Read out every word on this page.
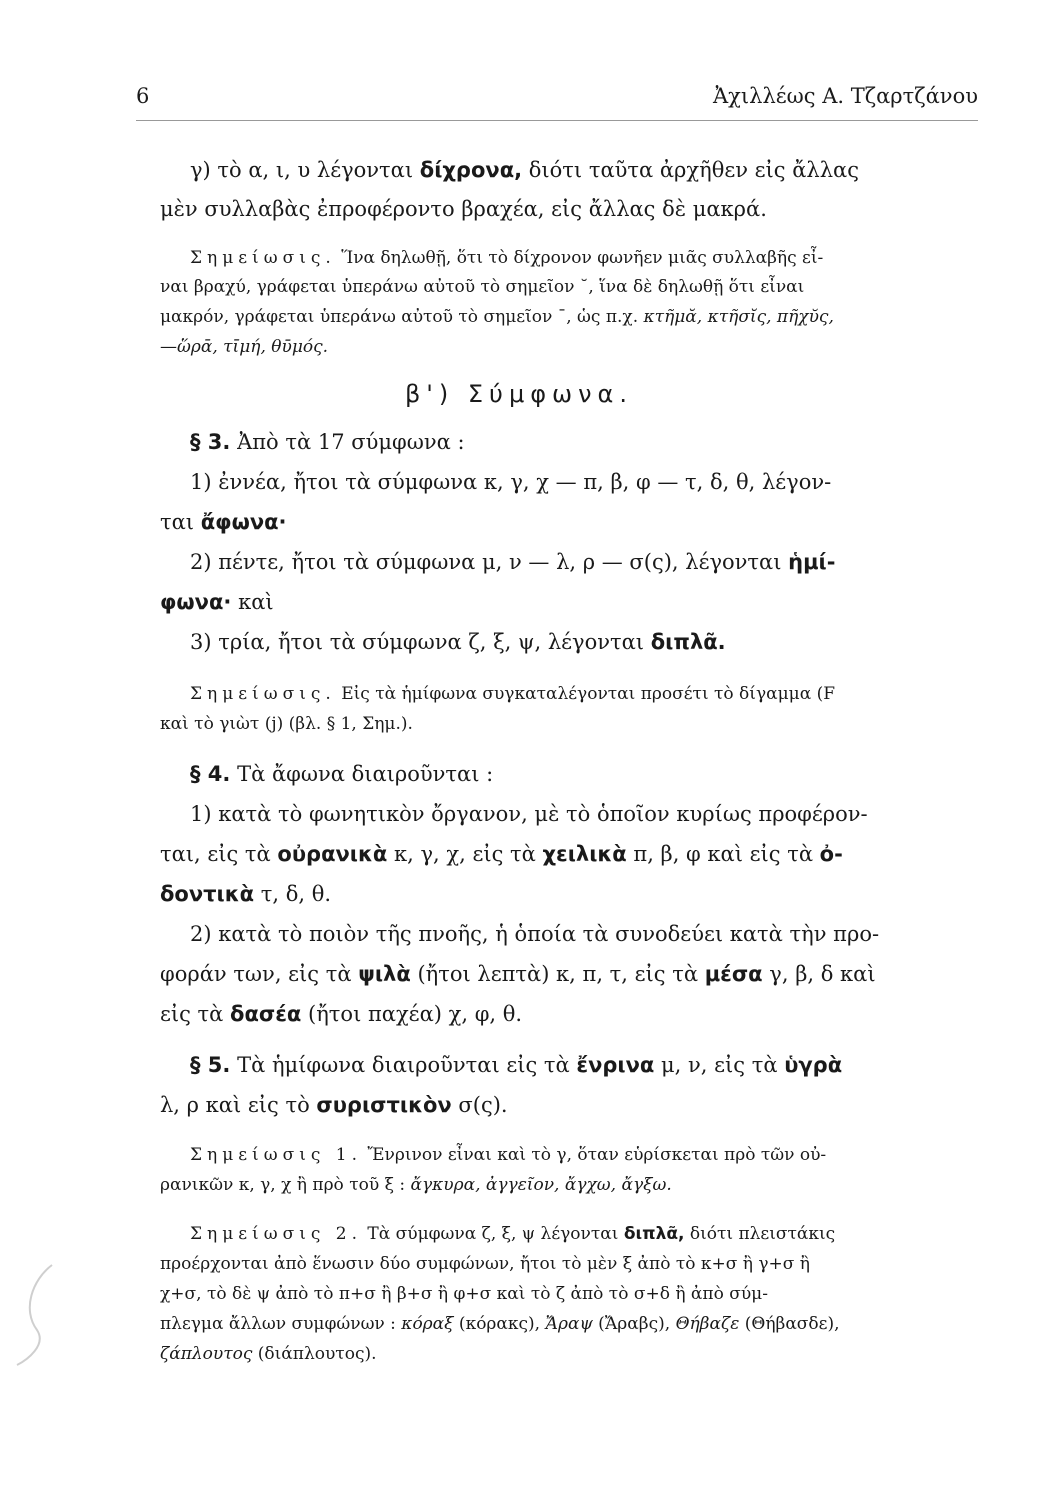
6	Ἀχιλλέως Α. Τζαρτζάνου
γ) τὸ α, ι, υ λέγονται δίχρονα, διότι ταῦτα ἀρχῆθεν εἰς ἄλλας
μὲν συλλαβὰς ἐπροφέροντο βραχέα, εἰς ἄλλας δὲ μακρά.
Σημείωσις. Ἵνα δηλωθῇ, ὅτι τὸ δίχρονον φωνῆεν μιᾶς συλλαβῆς εἶ-
ναι βραχύ, γράφεται ὑπεράνω αὐτοῦ τὸ σημεῖον ˘, ἵνα δὲ δηλωθῇ ὅτι εἶναι
μακρόν, γράφεται ὑπεράνω αὐτοῦ τὸ σημεῖον ¯, ὡς π.χ. κτῆμᾰ, κτῆσῐς, πῆχῠς,
—ὥρᾱ, τῑμή, θῡμός.
β') Σύμφωνα.
§ 3. Ἀπὸ τὰ 17 σύμφωνα :
1) ἐννέα, ἤτοι τὰ σύμφωνα κ, γ, χ — π, β, φ — τ, δ, θ, λέγον-
ται ἄφωνα·
2) πέντε, ἤτοι τὰ σύμφωνα μ, ν — λ, ρ — σ(ς), λέγονται ἡμί-
φωνα· καὶ
3) τρία, ἤτοι τὰ σύμφωνα ζ, ξ, ψ, λέγονται διπλᾶ.
Σημείωσις. Εἰς τὰ ἡμίφωνα συγκαταλέγονται προσέτι τὸ δίγαμμα (F
καὶ τὸ γιὼτ (j) (βλ. § 1, Σημ.).
§ 4. Τὰ ἄφωνα διαιροῦνται :
1) κατὰ τὸ φωνητικὸν ὄργανον, μὲ τὸ ὁποῖον κυρίως προφέρον-
ται, εἰς τὰ οὐρανικὰ κ, γ, χ, εἰς τὰ χειλικὰ π, β, φ καὶ εἰς τὰ ὀ-
δοντικὰ τ, δ, θ.
2) κατὰ τὸ ποιὸν τῆς πνοῆς, ἡ ὁποία τὰ συνοδεύει κατὰ τὴν προ-
φοράν των, εἰς τὰ ψιλὰ (ἤτοι λεπτὰ) κ, π, τ, εἰς τὰ μέσα γ, β, δ καὶ
εἰς τὰ δασέα (ἤτοι παχέα) χ, φ, θ.
§ 5. Τὰ ἡμίφωνα διαιροῦνται εἰς τὰ ἔνρινα μ, ν, εἰς τὰ ὑγρὰ
λ, ρ καὶ εἰς τὸ συριστικὸν σ(ς).
Σημείωσις 1. Ἔνρινον εἶναι καὶ τὸ γ, ὅταν εὑρίσκεται πρὸ τῶν οὐ-
ρανικῶν κ, γ, χ ἢ πρὸ τοῦ ξ : ἄγκυρα, ἀγγεῖον, ἄγχω, ἄγξω.
Σημείωσις 2. Τὰ σύμφωνα ζ, ξ, ψ λέγονται διπλᾶ, διότι πλειστάκις
προέρχονται ἀπὸ ἕνωσιν δύο συμφώνων, ἤτοι τὸ μὲν ξ ἀπὸ τὸ κ+σ ἢ γ+σ ἢ
χ+σ, τὸ δὲ ψ ἀπὸ τὸ π+σ ἢ β+σ ἢ φ+σ καὶ τὸ ζ ἀπὸ τὸ σ+δ ἢ ἀπὸ σύμ-
πλεγμα ἄλλων συμφώνων : κόραξ (κόρακς), Ἄραψ (Ἄραβς), Θήβαζε (Θήβασδε),
ζάπλουτος (διάπλουτος).
